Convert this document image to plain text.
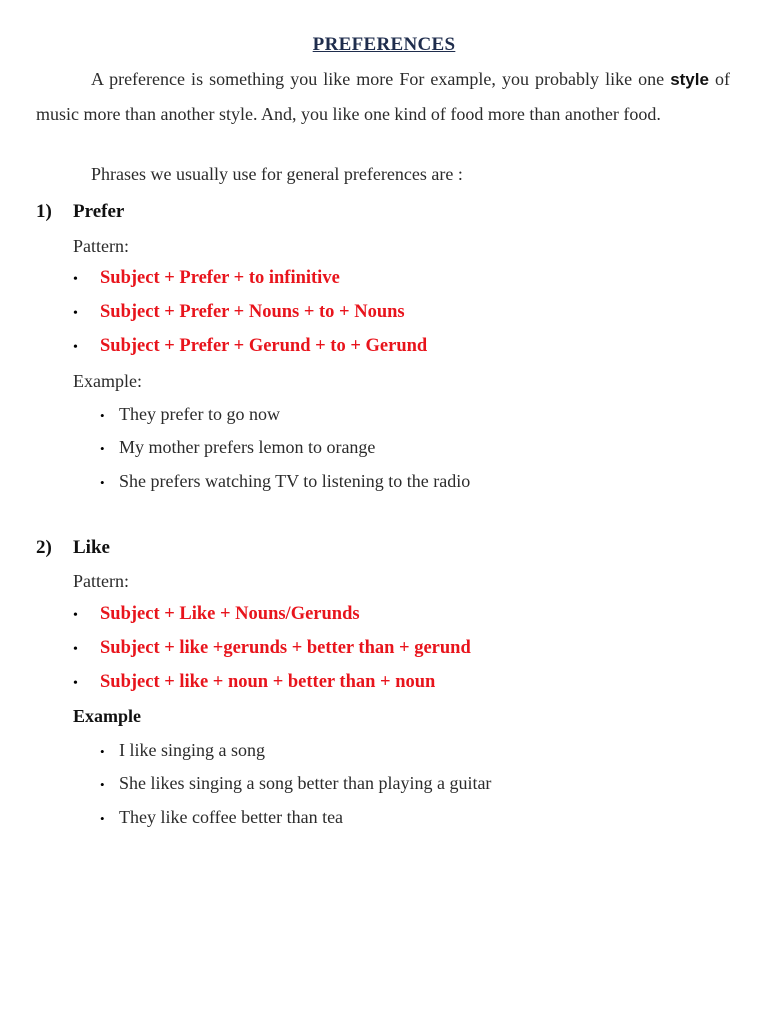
PREFERENCES
A preference is something you like more For example, you probably like one style of music more than another style. And, you like one kind of food more than another food.
Phrases we usually use for general preferences are :
1) Prefer
Pattern:
• Subject + Prefer + to infinitive
• Subject + Prefer + Nouns + to + Nouns
• Subject + Prefer + Gerund + to + Gerund
Example:
• They prefer to go now
• My mother prefers lemon to orange
• She prefers watching TV to listening to the radio
2) Like
Pattern:
• Subject + Like + Nouns/Gerunds
• Subject + like +gerunds + better than + gerund
• Subject + like + noun + better than + noun
Example
• I like singing a song
• She likes singing a song better than playing a guitar
• They like coffee better than tea
